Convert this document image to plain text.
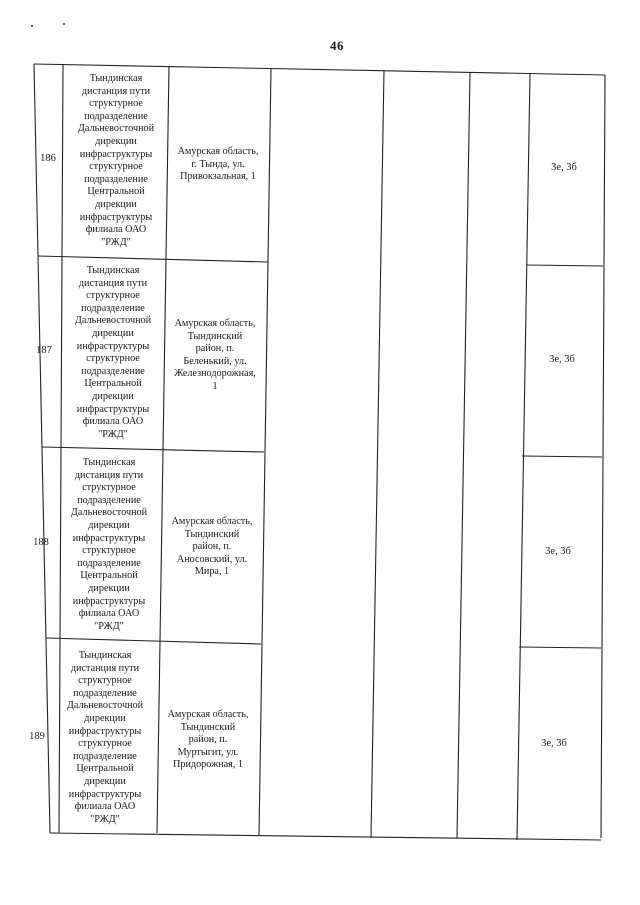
46
186
Тындинская
дистанция пути
структурное
подразделение
Дальневосточной
дирекции
инфраструктуры
структурное
подразделение
Центральной
дирекции
инфраструктуры
филиала ОАО
"РЖД"
Амурская область,
г. Тында, ул.
Привокзальная, 1
3е, 3б
187
Тындинская
дистанция пути
структурное
подразделение
Дальневосточной
дирекции
инфраструктуры
структурное
подразделение
Центральной
дирекции
инфраструктуры
филиала ОАО
"РЖД"
Амурская область,
Тындинский
район, п.
Беленький, ул.
Железнодорожная,
1
3е, 3б
188
Тындинская
дистанция пути
структурное
подразделение
Дальневосточной
дирекции
инфраструктуры
структурное
подразделение
Центральной
дирекции
инфраструктуры
филиала ОАО
"РЖД"
Амурская область,
Тындинский
район, п.
Аносовский, ул.
Мира, 1
3е, 3б
189
Тындинская
дистанция пути
структурное
подразделение
Дальневосточной
дирекции
инфраструктуры
структурное
подразделение
Центральной
дирекции
инфраструктуры
филиала ОАО
"РЖД"
Амурская область,
Тындинский
район, п.
Муртыгит, ул.
Придорожная, 1
3е, 3б
